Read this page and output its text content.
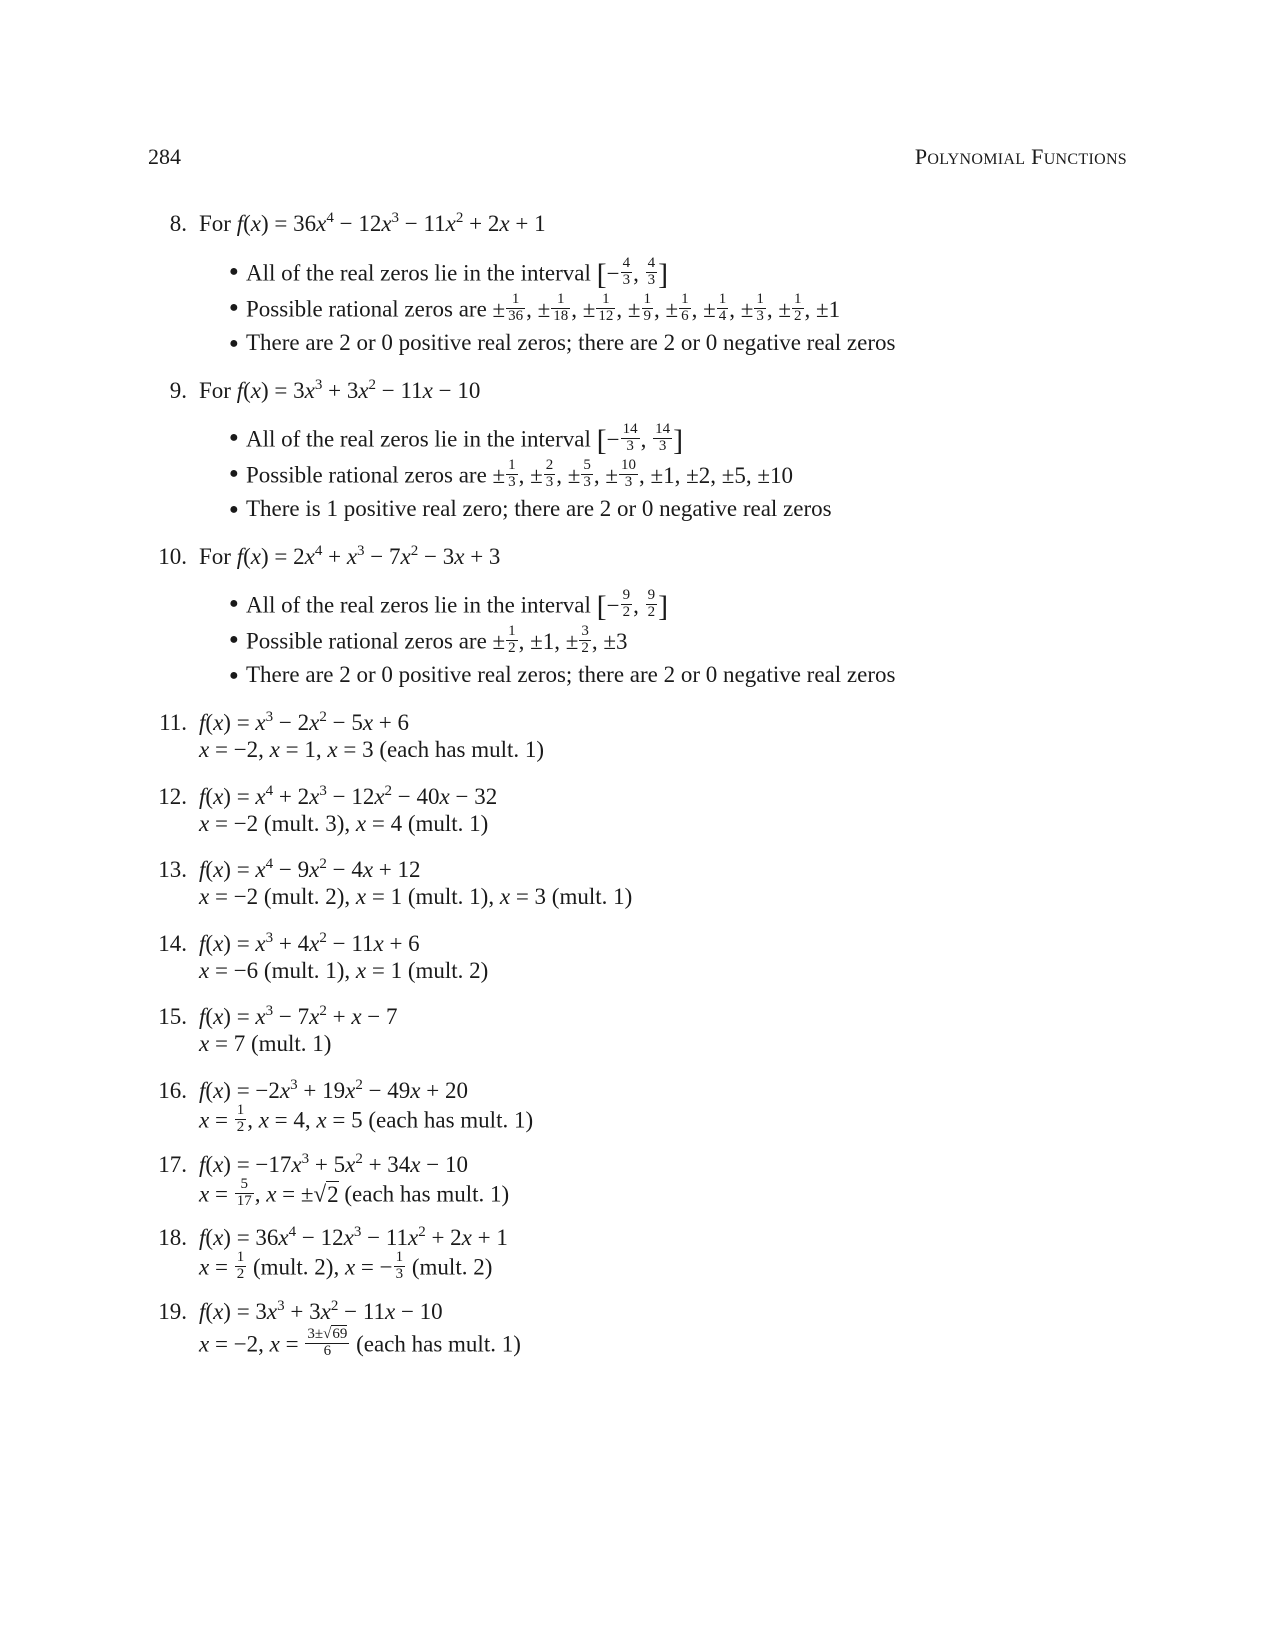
284	POLYNOMIAL FUNCTIONS
8. For $f(x) = 36x^4 - 12x^3 - 11x^2 + 2x + 1$
● All of the real zeros lie in the interval [− $\frac{4}{3}$ , $\frac{4}{3}$ ]
● Possible rational zeros are ± $\frac{1}{36}$ , ± $\frac{1}{18}$ , ± $\frac{1}{12}$ , ± $\frac{1}{9}$ , ± $\frac{1}{6}$ , ± $\frac{1}{4}$ , ± $\frac{1}{3}$ , ± $\frac{1}{2}$ , ±1
● There are 2 or 0 positive real zeros; there are 2 or 0 negative real zeros
9. For $f(x) = 3x^3 + 3x^2 - 11x - 10$
● All of the real zeros lie in the interval [− $\frac{14}{3}$ , $\frac{14}{3}$ ]
● Possible rational zeros are ± $\frac{1}{3}$ , ± $\frac{2}{3}$ , ± $\frac{5}{3}$ , ± $\frac{10}{3}$ , ±1, ±2, ±5, ±10
● There is 1 positive real zero; there are 2 or 0 negative real zeros
10. For $f(x) = 2x^4 + x^3 - 7x^2 - 3x + 3$
● All of the real zeros lie in the interval [− $\frac{9}{2}$ , $\frac{9}{2}$ ]
● Possible rational zeros are ± $\frac{1}{2}$ , ±1, ± $\frac{3}{2}$ , ±3
● There are 2 or 0 positive real zeros; there are 2 or 0 negative real zeros
11. $f(x) = x^3 - 2x^2 - 5x + 6$
x = −2, x = 1, x = 3 (each has mult. 1)
12. $f(x) = x^4 + 2x^3 - 12x^2 - 40x - 32$
x = −2 (mult. 3), x = 4 (mult. 1)
13. $f(x) = x^4 - 9x^2 - 4x + 12$
x = −2 (mult. 2), x = 1 (mult. 1), x = 3 (mult. 1)
14. $f(x) = x^3 + 4x^2 - 11x + 6$
x = −6 (mult. 1), x = 1 (mult. 2)
15. $f(x) = x^3 - 7x^2 + x - 7$
x = 7 (mult. 1)
16. $f(x) = -2x^3 + 19x^2 - 49x + 20$
$x = \frac{1}{2}$ , x = 4, x = 5 (each has mult. 1)
17. $f(x) = -17x^3 + 5x^2 + 34x - 10$
$x = \frac{5}{17}$ , x = ±√2 (each has mult. 1)
18. $f(x) = 36x^4 - 12x^3 - 11x^2 + 2x + 1$
$x = \frac{1}{2}$ (mult. 2), x = − $\frac{1}{3}$ (mult. 2)
19. $f(x) = 3x^3 + 3x^2 - 11x - 10$
x = −2, $x = \frac{3\pm√69}{6}$ (each has mult. 1)
